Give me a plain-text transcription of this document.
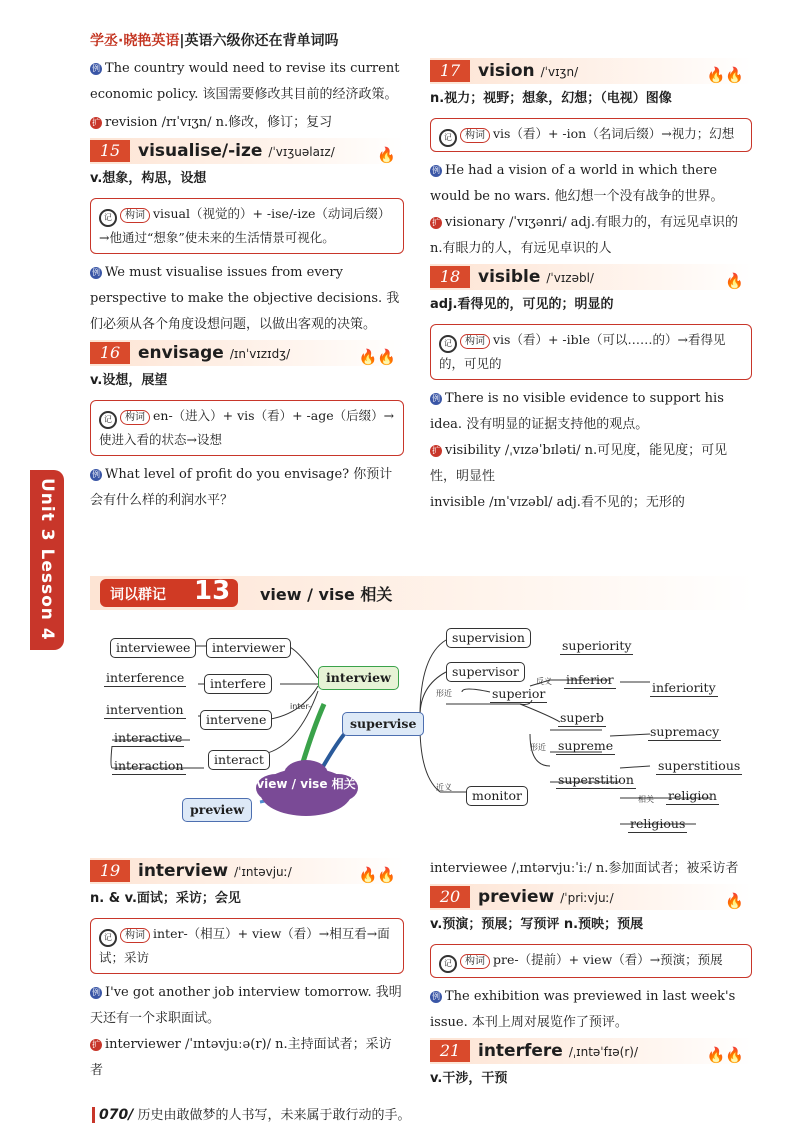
学丞·晓艳英语|英语六级你还在背单词吗
Unit 3 Lesson 4

例 The country would need to revise its current economic policy. 该国需要修改其目前的经济政策。

扩 revision /rɪˈvɪʒn/ n.修改，修订；复习

15	visualise/-ize /ˈvɪʒuəlaɪz/	🔥

v.想象，构思，设想

记 构词 visual（视觉的）+ -ise/-ize（动词后缀）→他通过“想象”使未来的生活情景可视化。

例 We must visualise issues from every perspective to make the objective decisions. 我们必须从各个角度设想问题，以做出客观的决策。

16	envisage /ɪnˈvɪzɪdʒ/	🔥🔥

v.设想，展望

记 构词 en-（进入）+ vis（看）+ -age（后缀）→使进入看的状态→设想

例 What level of profit do you envisage? 你预计会有什么样的利润水平？

17	vision /ˈvɪʒn/	🔥🔥

n.视力；视野；想象，幻想；（电视）图像

记 构词 vis（看）+ -ion（名词后缀）→视力；幻想

例 He had a vision of a world in which there would be no wars. 他幻想一个没有战争的世界。

扩 visionary /ˈvɪʒənri/ adj.有眼力的，有远见卓识的 n.有眼力的人，有远见卓识的人

18	visible /ˈvɪzəbl/	🔥

adj.看得见的，可见的；明显的

记 构词 vis（看）+ -ible（可以……的）→看得见的，可见的

例 There is no visible evidence to support his idea. 没有明显的证据支持他的观点。

扩 visibility /ˌvɪzəˈbɪləti/ n.可见度，能见度；可见性，明显性

invisible /ɪnˈvɪzəbl/ adj.看不见的；无形的

词以群记 13 view / vise 相关
view / vise 相关
interviewee	interviewer
interference	interfere
intervention
intervene
interactive
interact
interaction
interview
supervise
preview
supervision
supervisor
superior
superiority
inferior
inferiority
superb
supreme
supremacy
superstition
superstitious
religion
religious
monitor
inter-
形近
形近
反义
近义
相关
19	interview /ˈɪntəvjuː/	🔥🔥

n. & v.面试；采访；会见

记 构词 inter-（相互）+ view（看）→相互看→面试；采访

例 I've got another job interview tomorrow. 我明天还有一个求职面试。

扩 interviewer /ˈɪntəvjuːə(r)/ n.主持面试者；采访者

interviewee /ˌɪntərvjuːˈiː/ n.参加面试者；被采访者

20	preview /ˈpriːvjuː/	🔥

v.预演；预展；写预评 n.预映；预展

记 构词 pre-（提前）+ view（看）→预演；预展

例 The exhibition was previewed in last week's issue. 本刊上周对展览作了预评。

21	interfere /ˌɪntəˈfɪə(r)/	🔥🔥

v.干涉，干预

070/ 历史由敢做梦的人书写，未来属于敢行动的手。
